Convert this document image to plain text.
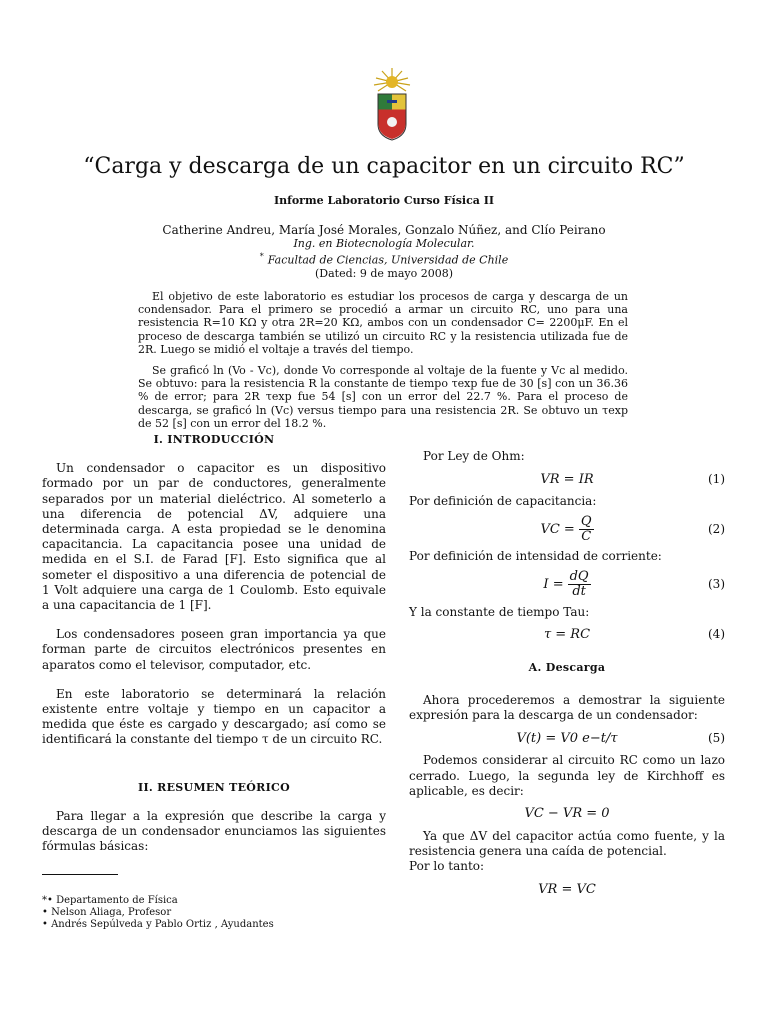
“Carga y descarga de un capacitor en un circuito RC”
Informe Laboratorio Curso Física II
Catherine Andreu, María José Morales, Gonzalo Núñez, and Clío Peirano
Ing. en Biotecnología Molecular.
* Facultad de Ciencias, Universidad de Chile
(Dated: 9 de mayo 2008)

El objetivo de este laboratorio es estudiar los procesos de carga y descarga de un condensador. Para el primero se procedió a armar un circuito RC, uno para una resistencia R=10 KΩ y otra 2R=20 KΩ, ambos con un condensador C= 2200μF. En el proceso de descarga también se utilizó un circuito RC y la resistencia utilizada fue de 2R. Luego se midió el voltaje a través del tiempo.

Se graficó ln (Vo - Vc), donde Vo corresponde al voltaje de la fuente y Vc al medido. Se obtuvo: para la resistencia R la constante de tiempo τexp fue de 30 [s] con un 36.36 % de error; para 2R τexp fue 54 [s] con un error del 22.7 %. Para el proceso de descarga, se graficó ln (Vc) versus tiempo para una resistencia 2R. Se obtuvo un τexp de 52 [s] con un error del 18.2 %.

I. INTRODUCCIÓN

Un condensador o capacitor es un dispositivo formado por un par de conductores, generalmente separados por un material dieléctrico. Al someterlo a una diferencia de potencial ΔV, adquiere una determinada carga. A esta propiedad se le denomina capacitancia. La capacitancia posee una unidad de medida en el S.I. de Farad [F]. Esto significa que al someter el dispositivo a una diferencia de potencial de 1 Volt adquiere una carga de 1 Coulomb. Esto equivale a una capacitancia de 1 [F].

Los condensadores poseen gran importancia ya que forman parte de circuitos electrónicos presentes en aparatos como el televisor, computador, etc.

En este laboratorio se determinará la relación existente entre voltaje y tiempo en un capacitor a medida que éste es cargado y descargado; así como se identificará la constante del tiempo τ de un circuito RC.

II. RESUMEN TEÓRICO

Para llegar a la expresión que describe la carga y descarga de un condensador enunciamos las siguientes fórmulas básicas:

Por Ley de Ohm:

VR = IR	(1)

Por definición de capacitancia:

VC = $\frac{Q}{C}$	(2)

Por definición de intensidad de corriente:

$I = \frac{dQ}{dt}$	(3)

Y la constante de tiempo Tau:

τ = RC	(4)
A. Descarga

Ahora procederemos a demostrar la siguiente expresión para la descarga de un condensador:

V(t) = V0 e−t/τ	(5)

Podemos considerar al circuito RC como un lazo cerrado. Luego, la segunda ley de Kirchhoff es aplicable, es decir:

VC − VR = 0

Ya que ΔV del capacitor actúa como fuente, y la resistencia genera una caída de potencial.

Por lo tanto:

VR = VC
*• Departamento de Física
• Nelson Aliaga, Profesor
• Andrés Sepúlveda y Pablo Ortiz , Ayudantes
